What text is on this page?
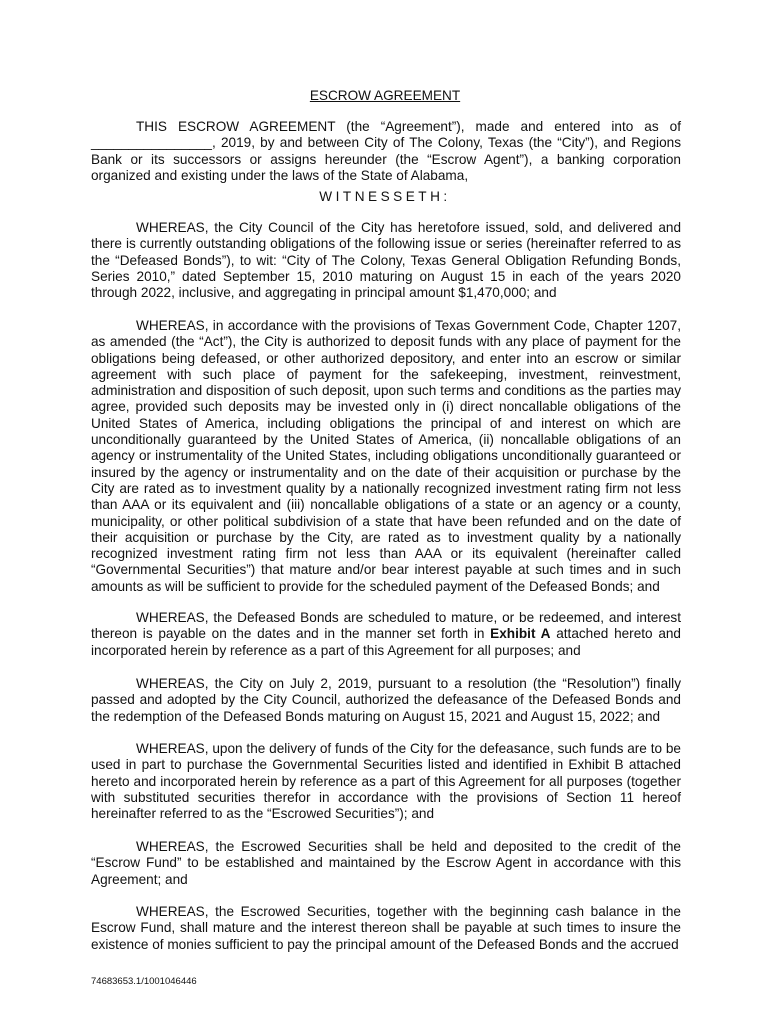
ESCROW AGREEMENT

THIS ESCROW AGREEMENT (the “Agreement”), made and entered into as of ________________, 2019, by and between City of The Colony, Texas (the “City”), and Regions Bank or its successors or assigns hereunder (the “Escrow Agent”), a banking corporation organized and existing under the laws of the State of Alabama,

WITNESSETH:

WHEREAS, the City Council of the City has heretofore issued, sold, and delivered and there is currently outstanding obligations of the following issue or series (hereinafter referred to as the “Defeased Bonds”), to wit: “City of The Colony, Texas General Obligation Refunding Bonds, Series 2010,” dated September 15, 2010 maturing on August 15 in each of the years 2020 through 2022, inclusive, and aggregating in principal amount $1,470,000; and

WHEREAS, in accordance with the provisions of Texas Government Code, Chapter 1207, as amended (the “Act”), the City is authorized to deposit funds with any place of payment for the obligations being defeased, or other authorized depository, and enter into an escrow or similar agreement with such place of payment for the safekeeping, investment, reinvestment, administration and disposition of such deposit, upon such terms and conditions as the parties may agree, provided such deposits may be invested only in (i) direct noncallable obligations of the United States of America, including obligations the principal of and interest on which are unconditionally guaranteed by the United States of America, (ii) noncallable obligations of an agency or instrumentality of the United States, including obligations unconditionally guaranteed or insured by the agency or instrumentality and on the date of their acquisition or purchase by the City are rated as to investment quality by a nationally recognized investment rating firm not less than AAA or its equivalent and (iii) noncallable obligations of a state or an agency or a county, municipality, or other political subdivision of a state that have been refunded and on the date of their acquisition or purchase by the City, are rated as to investment quality by a nationally recognized investment rating firm not less than AAA or its equivalent (hereinafter called “Governmental Securities”) that mature and/or bear interest payable at such times and in such amounts as will be sufficient to provide for the scheduled payment of the Defeased Bonds; and

WHEREAS, the Defeased Bonds are scheduled to mature, or be redeemed, and interest thereon is payable on the dates and in the manner set forth in Exhibit A attached hereto and incorporated herein by reference as a part of this Agreement for all purposes; and

WHEREAS, the City on July 2, 2019, pursuant to a resolution (the “Resolution”) finally passed and adopted by the City Council, authorized the defeasance of the Defeased Bonds and the redemption of the Defeased Bonds maturing on August 15, 2021 and August 15, 2022; and

WHEREAS, upon the delivery of funds of the City for the defeasance, such funds are to be used in part to purchase the Governmental Securities listed and identified in Exhibit B attached hereto and incorporated herein by reference as a part of this Agreement for all purposes (together with substituted securities therefor in accordance with the provisions of Section 11 hereof hereinafter referred to as the “Escrowed Securities”); and

WHEREAS, the Escrowed Securities shall be held and deposited to the credit of the “Escrow Fund” to be established and maintained by the Escrow Agent in accordance with this Agreement; and

WHEREAS, the Escrowed Securities, together with the beginning cash balance in the Escrow Fund, shall mature and the interest thereon shall be payable at such times to insure the existence of monies sufficient to pay the principal amount of the Defeased Bonds and the accrued

74683653.1/1001046446
